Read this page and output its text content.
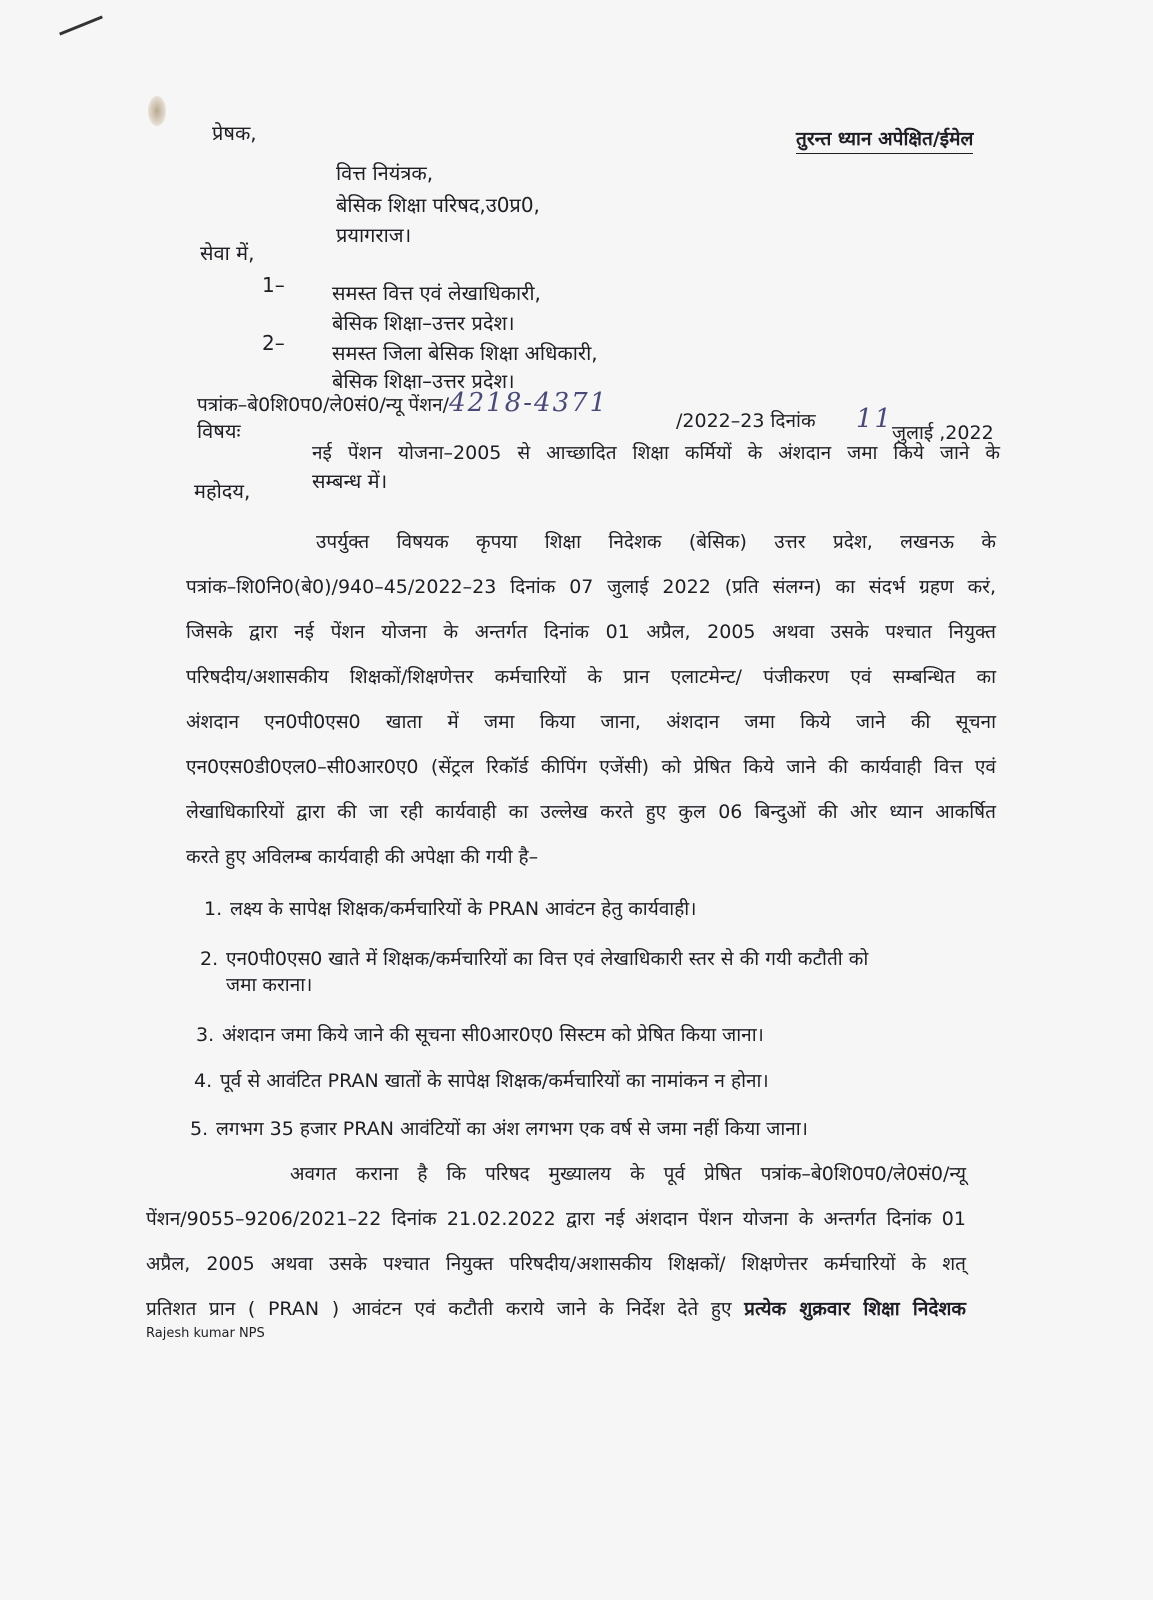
प्रेषक,	तुरन्त ध्यान अपेक्षित/ईमेल
वित्त नियंत्रक,
बेसिक शिक्षा परिषद,उ0प्र0,
प्रयागराज।
सेवा में,
1– समस्त वित्त एवं लेखाधिकारी,
बेसिक शिक्षा–उत्तर प्रदेश।
2– समस्त जिला बेसिक शिक्षा अधिकारी,
बेसिक शिक्षा–उत्तर प्रदेश।
पत्रांक–बे0शि0प0/ले0सं0/न्यू पेंशन/4218-4371
/2022–23 दिनांक 11
जुलाई ,2022
विषयः
नई पेंशन योजना–2005 से आच्छादित शिक्षा कर्मियों के अंशदान जमा किये जाने के
सम्बन्ध में।
महोदय,
उपर्युक्त विषयक कृपया शिक्षा निदेशक (बेसिक) उत्तर प्रदेश, लखनऊ के
पत्रांक–शि0नि0(बे0)/940–45/2022–23 दिनांक 07 जुलाई 2022 (प्रति संलग्न) का संदर्भ ग्रहण करं,
जिसके द्वारा नई पेंशन योजना के अन्तर्गत दिनांक 01 अप्रैल, 2005 अथवा उसके पश्चात नियुक्त
परिषदीय/अशासकीय शिक्षकों/शिक्षणेत्तर कर्मचारियों के प्रान एलाटमेन्ट/ पंजीकरण एवं सम्बन्धित का
अंशदान एन0पी0एस0 खाता में जमा किया जाना, अंशदान जमा किये जाने की सूचना
एन0एस0डी0एल0–सी0आर0ए0 (सेंट्रल रिकॉर्ड कीपिंग एजेंसी) को प्रेषित किये जाने की कार्यवाही वित्त एवं
लेखाधिकारियों द्वारा की जा रही कार्यवाही का उल्लेख करते हुए कुल 06 बिन्दुओं की ओर ध्यान आकर्षित
करते हुए अविलम्ब कार्यवाही की अपेक्षा की गयी है–
1. लक्ष्य के सापेक्ष शिक्षक/कर्मचारियों के PRAN आवंटन हेतु कार्यवाही।
2. एन0पी0एस0 खाते में शिक्षक/कर्मचारियों का वित्त एवं लेखाधिकारी स्तर से की गयी कटौती को
जमा कराना।
3. अंशदान जमा किये जाने की सूचना सी0आर0ए0 सिस्टम को प्रेषित किया जाना।
4. पूर्व से आवंटित PRAN खातों के सापेक्ष शिक्षक/कर्मचारियों का नामांकन न होना।
5. लगभग 35 हजार PRAN आवंटियों का अंश लगभग एक वर्ष से जमा नहीं किया जाना।
अवगत कराना है कि परिषद मुख्यालय के पूर्व प्रेषित पत्रांक–बे0शि0प0/ले0सं0/न्यू
पेंशन/9055–9206/2021–22 दिनांक 21.02.2022 द्वारा नई अंशदान पेंशन योजना के अन्तर्गत दिनांक 01
अप्रैल, 2005 अथवा उसके पश्चात नियुक्त परिषदीय/अशासकीय शिक्षकों/ शिक्षणेत्तर कर्मचारियों के शत्
प्रतिशत प्रान ( PRAN ) आवंटन एवं कटौती कराये जाने के निर्देश देते हुए प्रत्येक शुक्रवार शिक्षा निदेशक
Rajesh kumar NPS
